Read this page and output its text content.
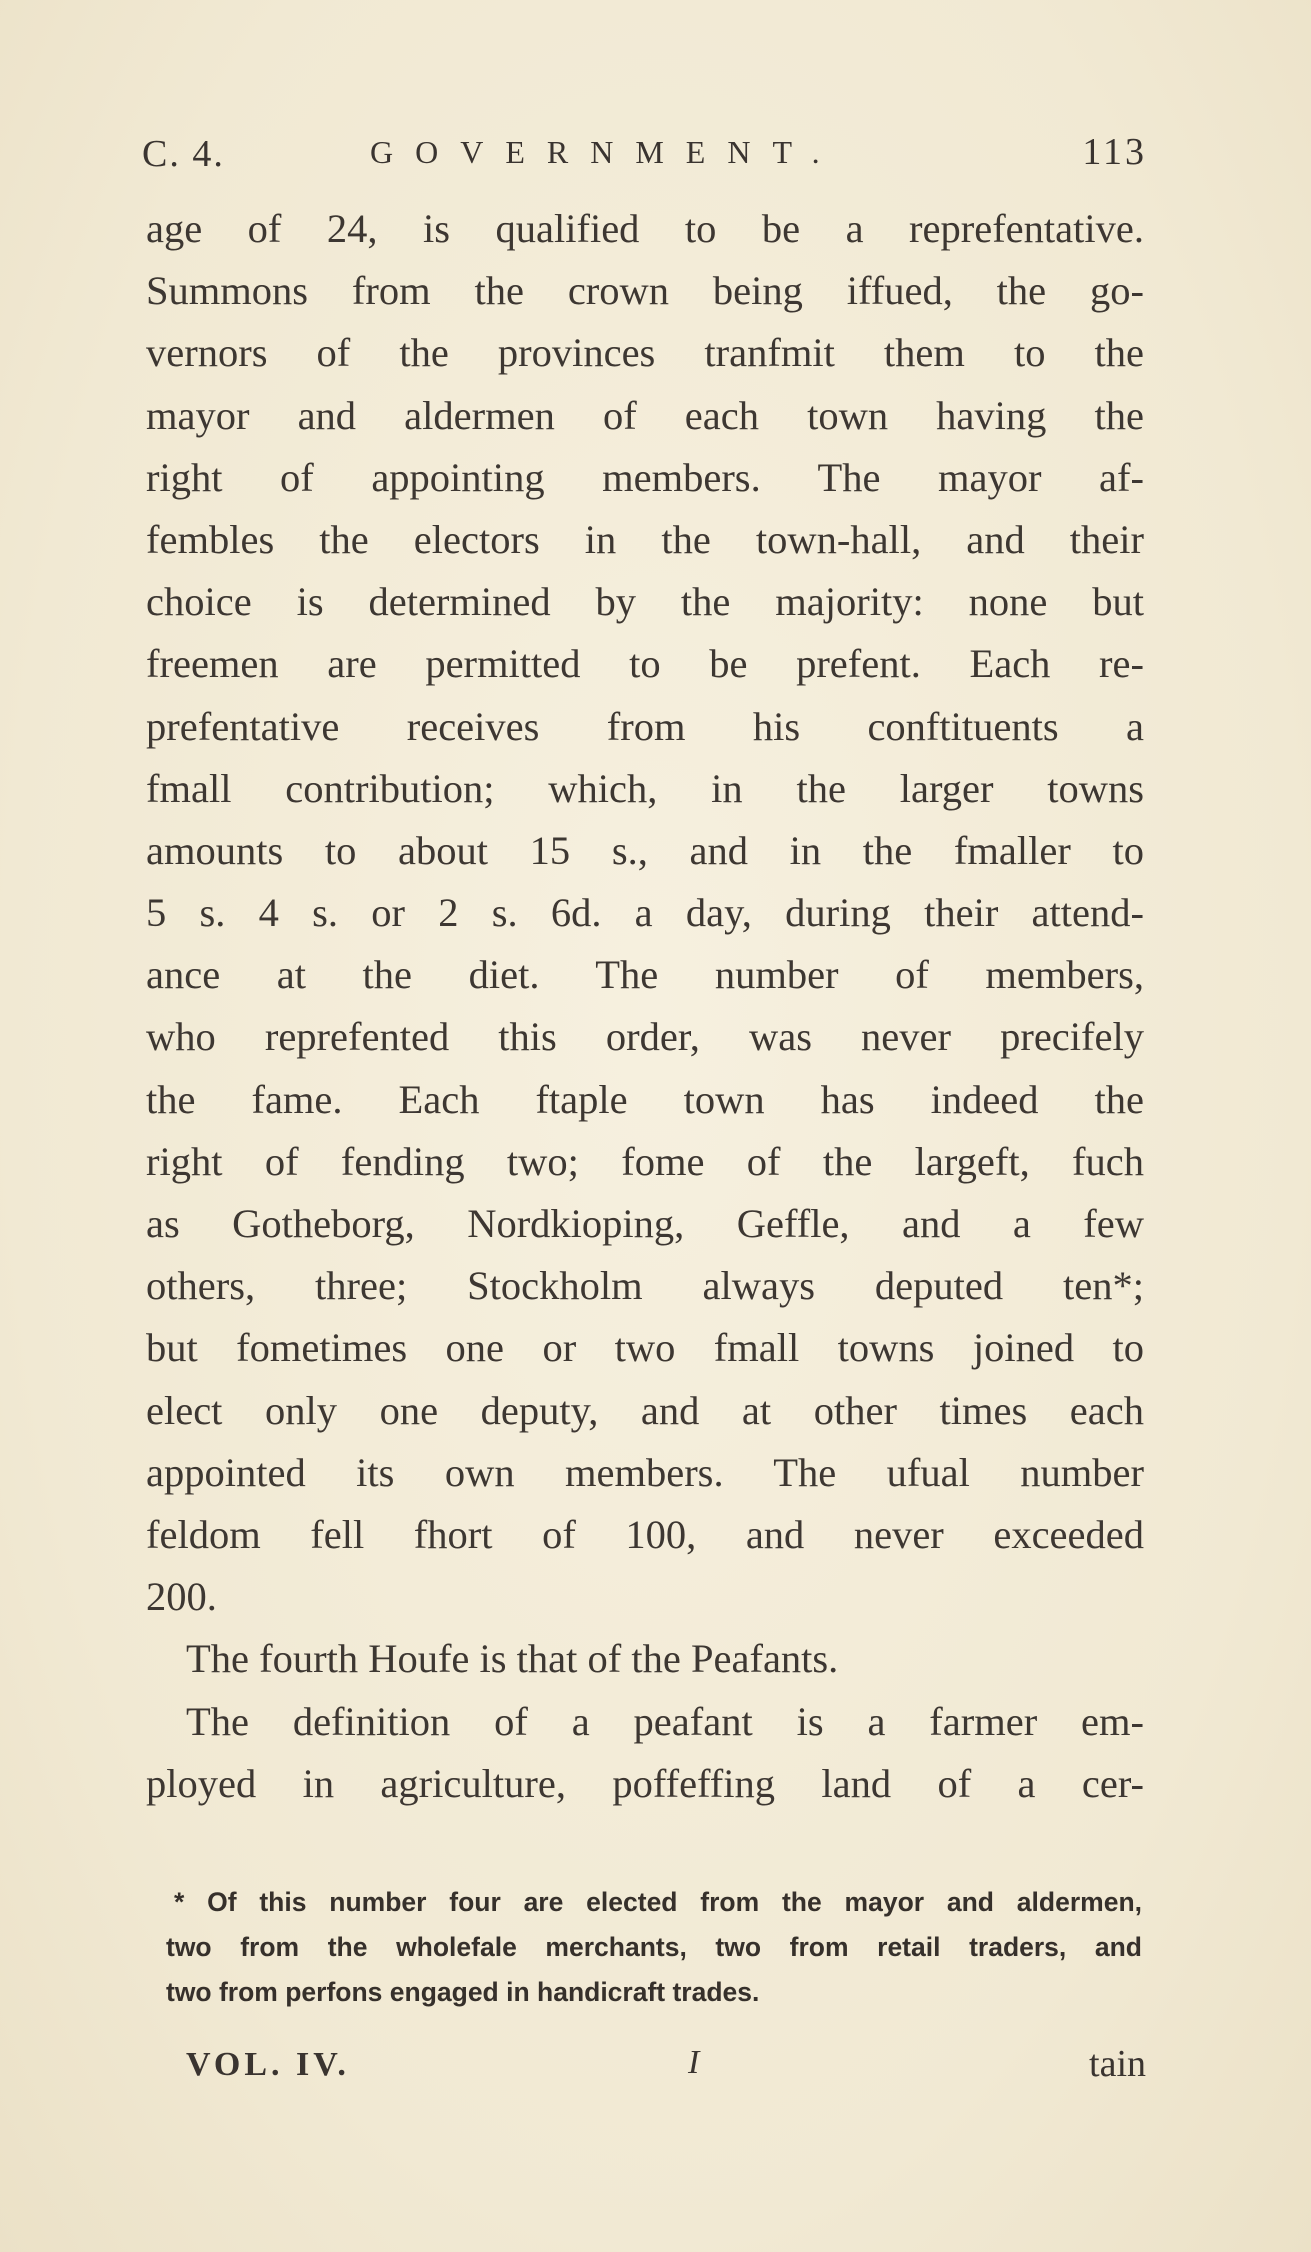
C. 4.	GOVERNMENT.	113
age of 24, is qualified to be a reprefentative.
Summons from the crown being iffued, the go-
vernors of the provinces tranfmit them to the
mayor and aldermen of each town having the
right of appointing members. The mayor af-
fembles the electors in the town-hall, and their
choice is determined by the majority: none but
freemen are permitted to be prefent. Each re-
prefentative receives from his conftituents a
fmall contribution; which, in the larger towns
amounts to about 15 s., and in the fmaller to
5 s. 4 s. or 2 s. 6d. a day, during their attend-
ance at the diet. The number of members,
who reprefented this order, was never precifely
the fame. Each ftaple town has indeed the
right of fending two; fome of the largeft, fuch
as Gotheborg, Nordkioping, Geffle, and a few
others, three; Stockholm always deputed ten*;
but fometimes one or two fmall towns joined to
elect only one deputy, and at other times each
appointed its own members. The ufual number
feldom fell fhort of 100, and never exceeded
200.
The fourth Houfe is that of the Peafants.
The definition of a peafant is a farmer em-
ployed in agriculture, poffeffing land of a cer-
* Of this number four are elected from the mayor and aldermen,
two from the wholefale merchants, two from retail traders, and
two from perfons engaged in handicraft trades.
VOL. IV.	I	tain
